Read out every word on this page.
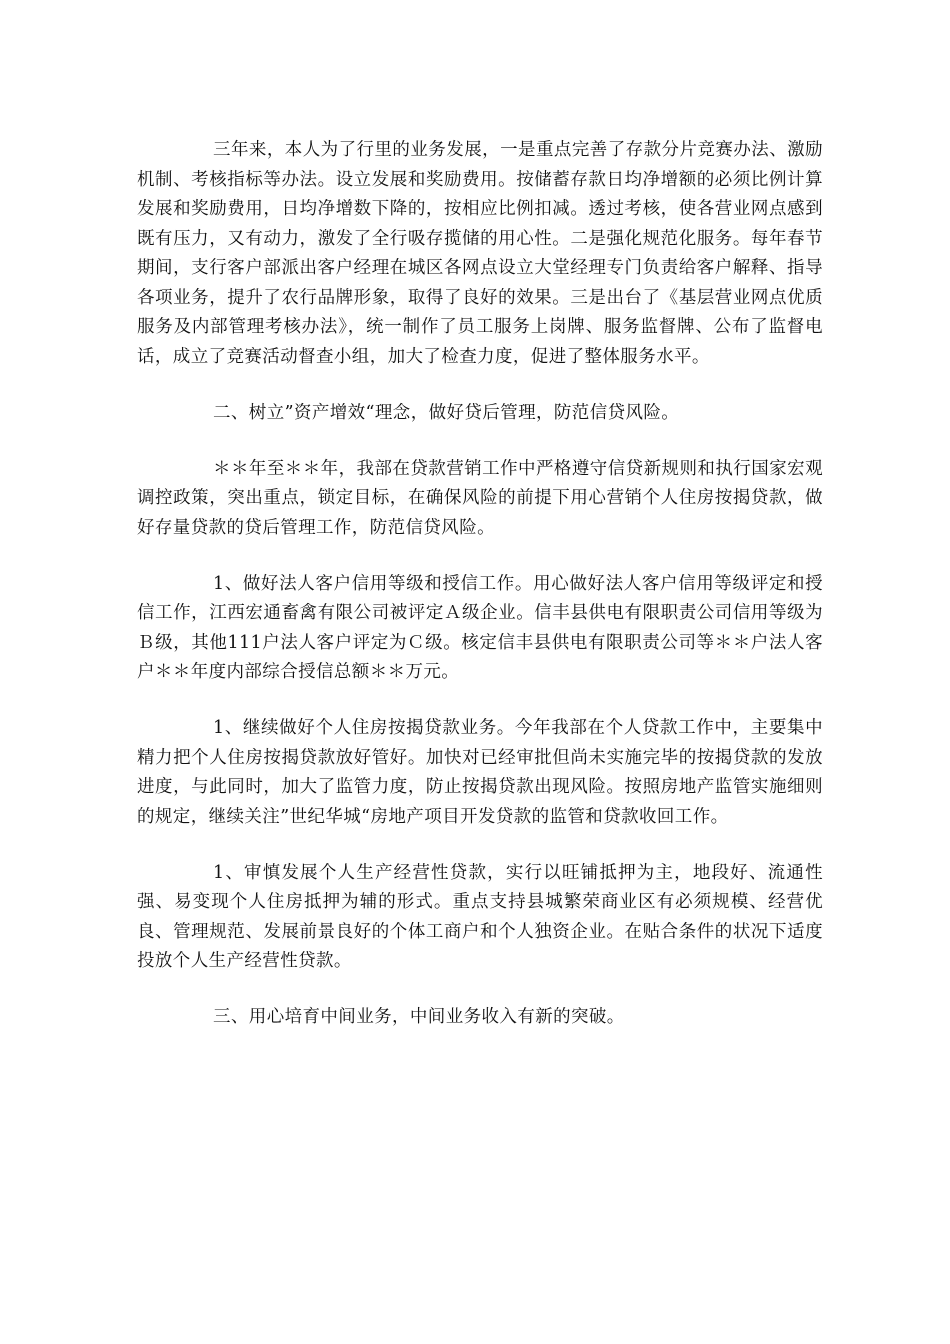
三年来，本人为了行里的业务发展，一是重点完善了存款分片竞赛办法、激励机制、考核指标等办法。设立发展和奖励费用。按储蓄存款日均净增额的必须比例计算发展和奖励费用，日均净增数下降的，按相应比例扣减。透过考核，使各营业网点感到既有压力，又有动力，激发了全行吸存揽储的用心性。二是强化规范化服务。每年春节期间，支行客户部派出客户经理在城区各网点设立大堂经理专门负责给客户解释、指导各项业务，提升了农行品牌形象，取得了良好的效果。三是出台了《基层营业网点优质服务及内部管理考核办法》，统一制作了员工服务上岗牌、服务监督牌、公布了监督电话，成立了竞赛活动督查小组，加大了检查力度，促进了整体服务水平。

二、树立”资产增效“理念，做好贷后管理，防范信贷风险。

＊＊年至＊＊年，我部在贷款营销工作中严格遵守信贷新规则和执行国家宏观调控政策，突出重点，锁定目标，在确保风险的前提下用心营销个人住房按揭贷款，做好存量贷款的贷后管理工作，防范信贷风险。

1、做好法人客户信用等级和授信工作。用心做好法人客户信用等级评定和授信工作，江西宏通畜禽有限公司被评定Ａ级企业。信丰县供电有限职责公司信用等级为Ｂ级，其他111户法人客户评定为Ｃ级。核定信丰县供电有限职责公司等＊＊户法人客户＊＊年度内部综合授信总额＊＊万元。

1、继续做好个人住房按揭贷款业务。今年我部在个人贷款工作中，主要集中精力把个人住房按揭贷款放好管好。加快对已经审批但尚未实施完毕的按揭贷款的发放进度，与此同时，加大了监管力度，防止按揭贷款出现风险。按照房地产监管实施细则的规定，继续关注”世纪华城“房地产项目开发贷款的监管和贷款收回工作。

1、审慎发展个人生产经营性贷款，实行以旺铺抵押为主，地段好、流通性强、易变现个人住房抵押为辅的形式。重点支持县城繁荣商业区有必须规模、经营优良、管理规范、发展前景良好的个体工商户和个人独资企业。在贴合条件的状况下适度投放个人生产经营性贷款。

三、用心培育中间业务，中间业务收入有新的突破。
